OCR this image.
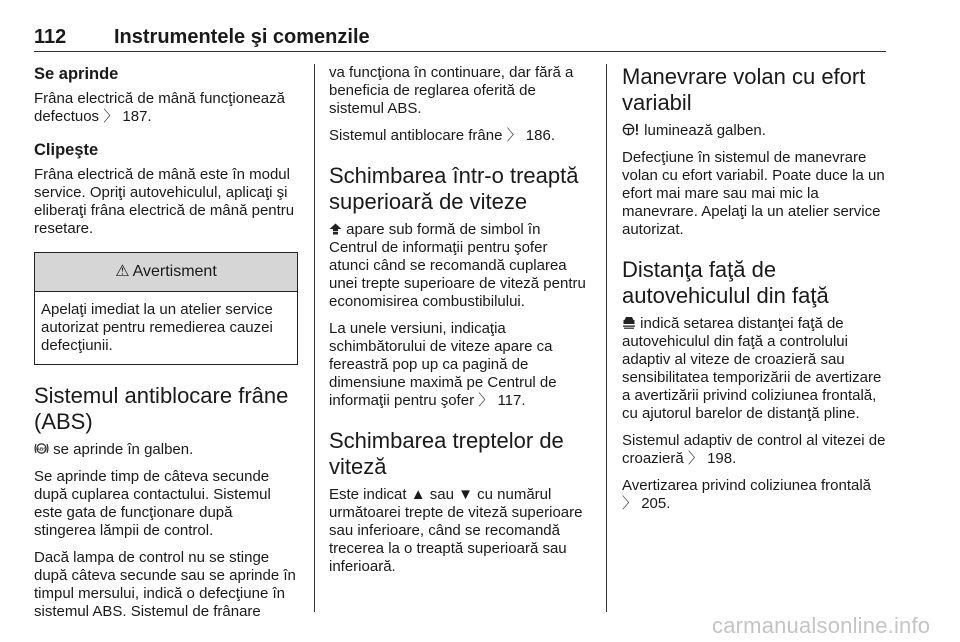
112 Instrumentele şi comenzile
Se aprinde

Frâna electrică de mână funcţionează defectuos 〉 187.

Clipeşte

Frâna electrică de mână este în modul service. Opriţi autovehiculul, aplicaţi şi eliberaţi frâna electrică de mână pentru resetare.

⚠ Avertisment
Apelaţi imediat la un atelier service autorizat pentru remedierea cauzei defecţiunii.
Sistemul antiblocare frâne (ABS)

ABS se aprinde în galben.

Se aprinde timp de câteva secunde după cuplarea contactului. Sistemul este gata de funcţionare după stingerea lămpii de control.

Dacă lampa de control nu se stinge după câteva secunde sau se aprinde în timpul mersului, indică o defecţiune în sistemul ABS. Sistemul de frânare

va funcţiona în continuare, dar fără a beneficia de reglarea oferită de sistemul ABS.

Sistemul antiblocare frâne 〉 186.

Schimbarea într-o treaptă superioară de viteze

apare sub formă de simbol în Centrul de informaţii pentru şofer atunci când se recomandă cuplarea unei trepte superioare de viteză pentru economisirea combustibilului.

La unele versiuni, indicaţia schimbătorului de viteze apare ca fereastră pop up ca pagină de dimensiune maximă pe Centrul de informaţii pentru şofer 〉 117.

Schimbarea treptelor de viteză

Este indicat ▲ sau ▼ cu numărul următoarei trepte de viteză superioare sau inferioare, când se recomandă trecerea la o treaptă superioară sau inferioară.

Manevrare volan cu efort variabil

luminează galben.

Defecţiune în sistemul de manevrare volan cu efort variabil. Poate duce la un efort mai mare sau mai mic la manevrare. Apelaţi la un atelier service autorizat.

Distanţa faţă de autovehiculul din faţă

indică setarea distanţei faţă de autovehiculul din faţă a controlului adaptiv al viteze de croazieră sau sensibilitatea temporizării de avertizare a avertizării privind coliziunea frontală, cu ajutorul barelor de distanţă pline.

Sistemul adaptiv de control al vitezei de croazieră 〉 198.

Avertizarea privind coliziunea frontală 〉 205.

carmanualsonline.info
